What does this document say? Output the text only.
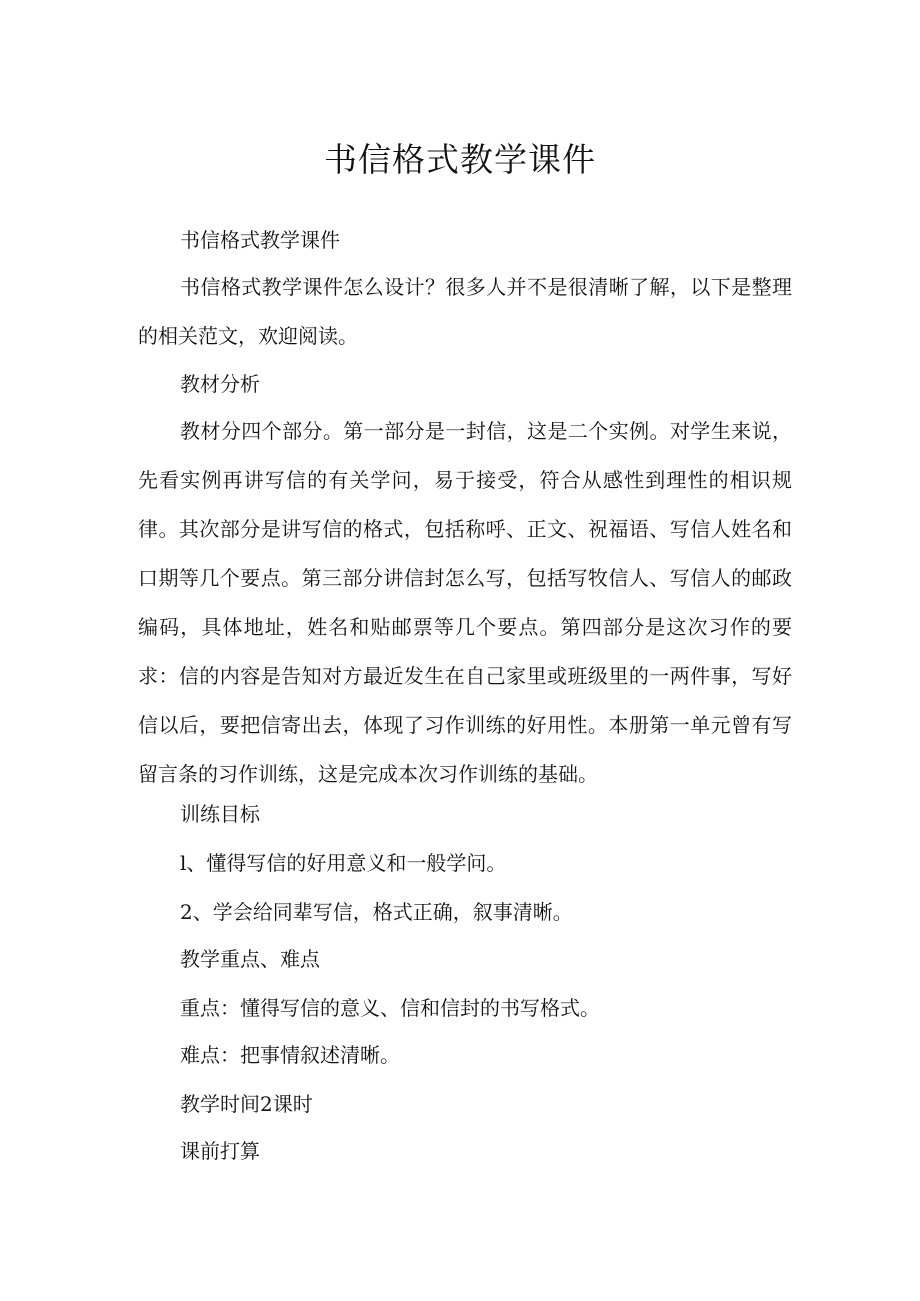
书信格式教学课件

书信格式教学课件

书信格式教学课件怎么设计？很多人并不是很清晰了解，以下是整理的相关范文，欢迎阅读。

教材分析

教材分四个部分。第一部分是一封信，这是二个实例。对学生来说，先看实例再讲写信的有关学问，易于接受，符合从感性到理性的相识规律。其次部分是讲写信的格式，包括称呼、正文、祝福语、写信人姓名和口期等几个要点。第三部分讲信封怎么写，包括写牧信人、写信人的邮政编码，具体地址，姓名和贴邮票等几个要点。第四部分是这次习作的要求：信的内容是告知对方最近发生在自己家里或班级里的一两件事，写好信以后，要把信寄出去，体现了习作训练的好用性。本册第一单元曾有写留言条的习作训练，这是完成本次习作训练的基础。

训练目标

l、懂得写信的好用意义和一般学问。

2、学会给同辈写信，格式正确，叙事清晰。

教学重点、难点

重点：懂得写信的意义、信和信封的书写格式。

难点：把事情叙述清晰。

教学时间2课时

课前打算
